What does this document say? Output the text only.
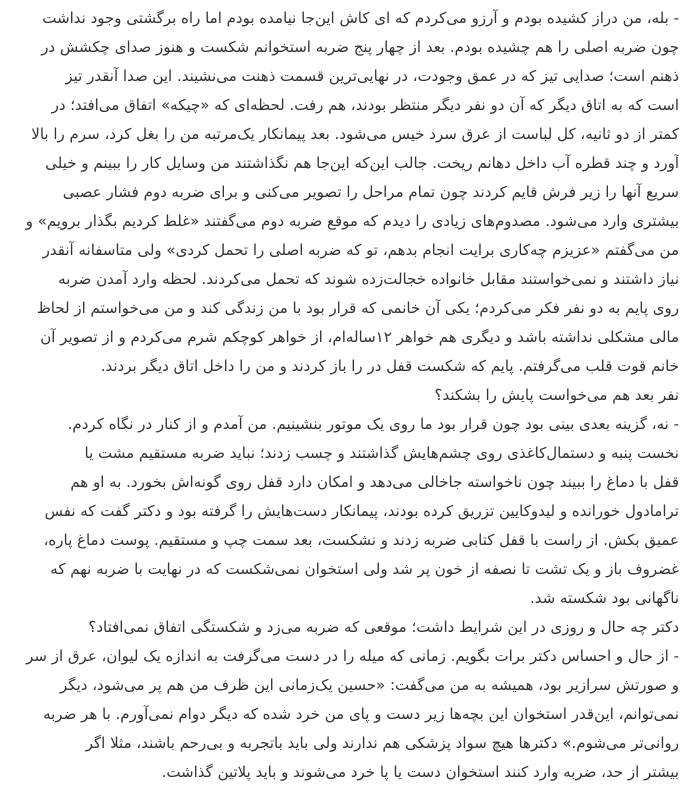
- بله، من دراز کشیده بودم و آرزو می‌کردم که ای کاش این‌جا نیامده بودم اما راه برگشتی وجود نداشت
چون ضربه اصلی را هم چشیده بودم. بعد از چهار پنج ضربه استخوانم شکست و هنوز صدای چکشش در
ذهنم است؛ صدایی تیز که در عمق وجودت، در نهایی‌ترین قسمت ذهنت می‌نشیند. این صدا آنقدر تیز
است که به اتاق دیگر که آن دو نفر دیگر منتظر بودند، هم رفت. لحظه‌ای که «چیکه» اتفاق می‌افتد؛ در
کمتر از دو ثانیه، کل لباست از عرق سرد خیس می‌شود. بعد پیمانکار یک‌مرتبه من را بغل کرد، سرم را بالا
آورد و چند قطره آب داخل دهانم ریخت. جالب این‌که این‌جا هم نگذاشتند من وسایل کار را ببینم و خیلی
سریع آنها را زیر فرش قایم کردند چون تمام مراحل را تصویر می‌کنی و برای ضربه دوم فشار عصبی
بیشتری وارد می‌شود. مصدوم‌های زیادی را دیدم که موقع ضربه دوم می‌گفتند «غلط کردیم بگذار برویم» و
من می‌گفتم «عزیزم چه‌کاری برایت انجام بدهم، تو که ضربه اصلی را تحمل کردی» ولی متاسفانه آنقدر
نیاز داشتند و نمی‌خواستند مقابل خانواده خجالت‌زده شوند که تحمل می‌کردند. لحظه وارد آمدن ضربه
روی پایم به دو نفر فکر می‌کردم؛ یکی آن خانمی که قرار بود با من زندگی کند و من می‌خواستم از لحاظ
مالی مشکلی نداشته باشد و دیگری هم خواهر ۱۲ساله‌ام، از خواهر کوچکم شرم می‌کردم و از تصویر آن
خانم قوت قلب می‌گرفتم. پایم که شکست قفل در را باز کردند و من را داخل اتاق دیگر بردند.
نفر بعد هم می‌خواست پایش را بشکند؟
- نه، گزینه بعدی بینی بود چون قرار بود ما روی یک موتور بنشینیم. من آمدم و از کنار در نگاه کردم.
نخست پنبه و دستمال‌کاغذی روی چشم‌هایش گذاشتند و چسب زدند؛ نباید ضربه مستقیم مشت یا
قفل با دماغ را ببیند چون ناخواسته جاخالی می‌دهد و امکان دارد قفل روی گونه‌اش بخورد. به او هم
ترامادول خورانده و لیدوکایین تزریق کرده بودند، پیمانکار دست‌هایش را گرفته بود و دکتر گفت که نفس
عمیق بکش. از راست با قفل کتابی ضربه زدند و نشکست، بعد سمت چپ و مستقیم. پوست دماغ پاره،
غضروف باز و یک تشت تا نصفه از خون پر شد ولی استخوان نمی‌شکست که در نهایت با ضربه نهم که
ناگهانی بود شکسته شد.
دکتر چه حال و روزی در این شرایط داشت؛ موقعی که ضربه می‌زد و شکستگی اتفاق نمی‌افتاد؟
- از حال و احساس دکتر برات بگویم. زمانی که میله را در دست می‌گرفت به اندازه یک لیوان، عرق از سر
و صورتش سرازیر بود، همیشه به من می‌گفت: «حسین یک‌زمانی این ظرف من هم پر می‌شود، دیگر
نمی‌توانم، این‌قدر استخوان این بچه‌ها زیر دست و پای من خرد شده که دیگر دوام نمی‌آورم. با هر ضربه
روانی‌تر می‌شوم.» دکترها هیچ سواد پزشکی هم ندارند ولی باید باتجربه و بی‌رحم باشند، مثلا اگر
بیشتر از حد، ضربه وارد کنند استخوان دست یا پا خرد می‌شوند و باید پلاتین گذاشت.
